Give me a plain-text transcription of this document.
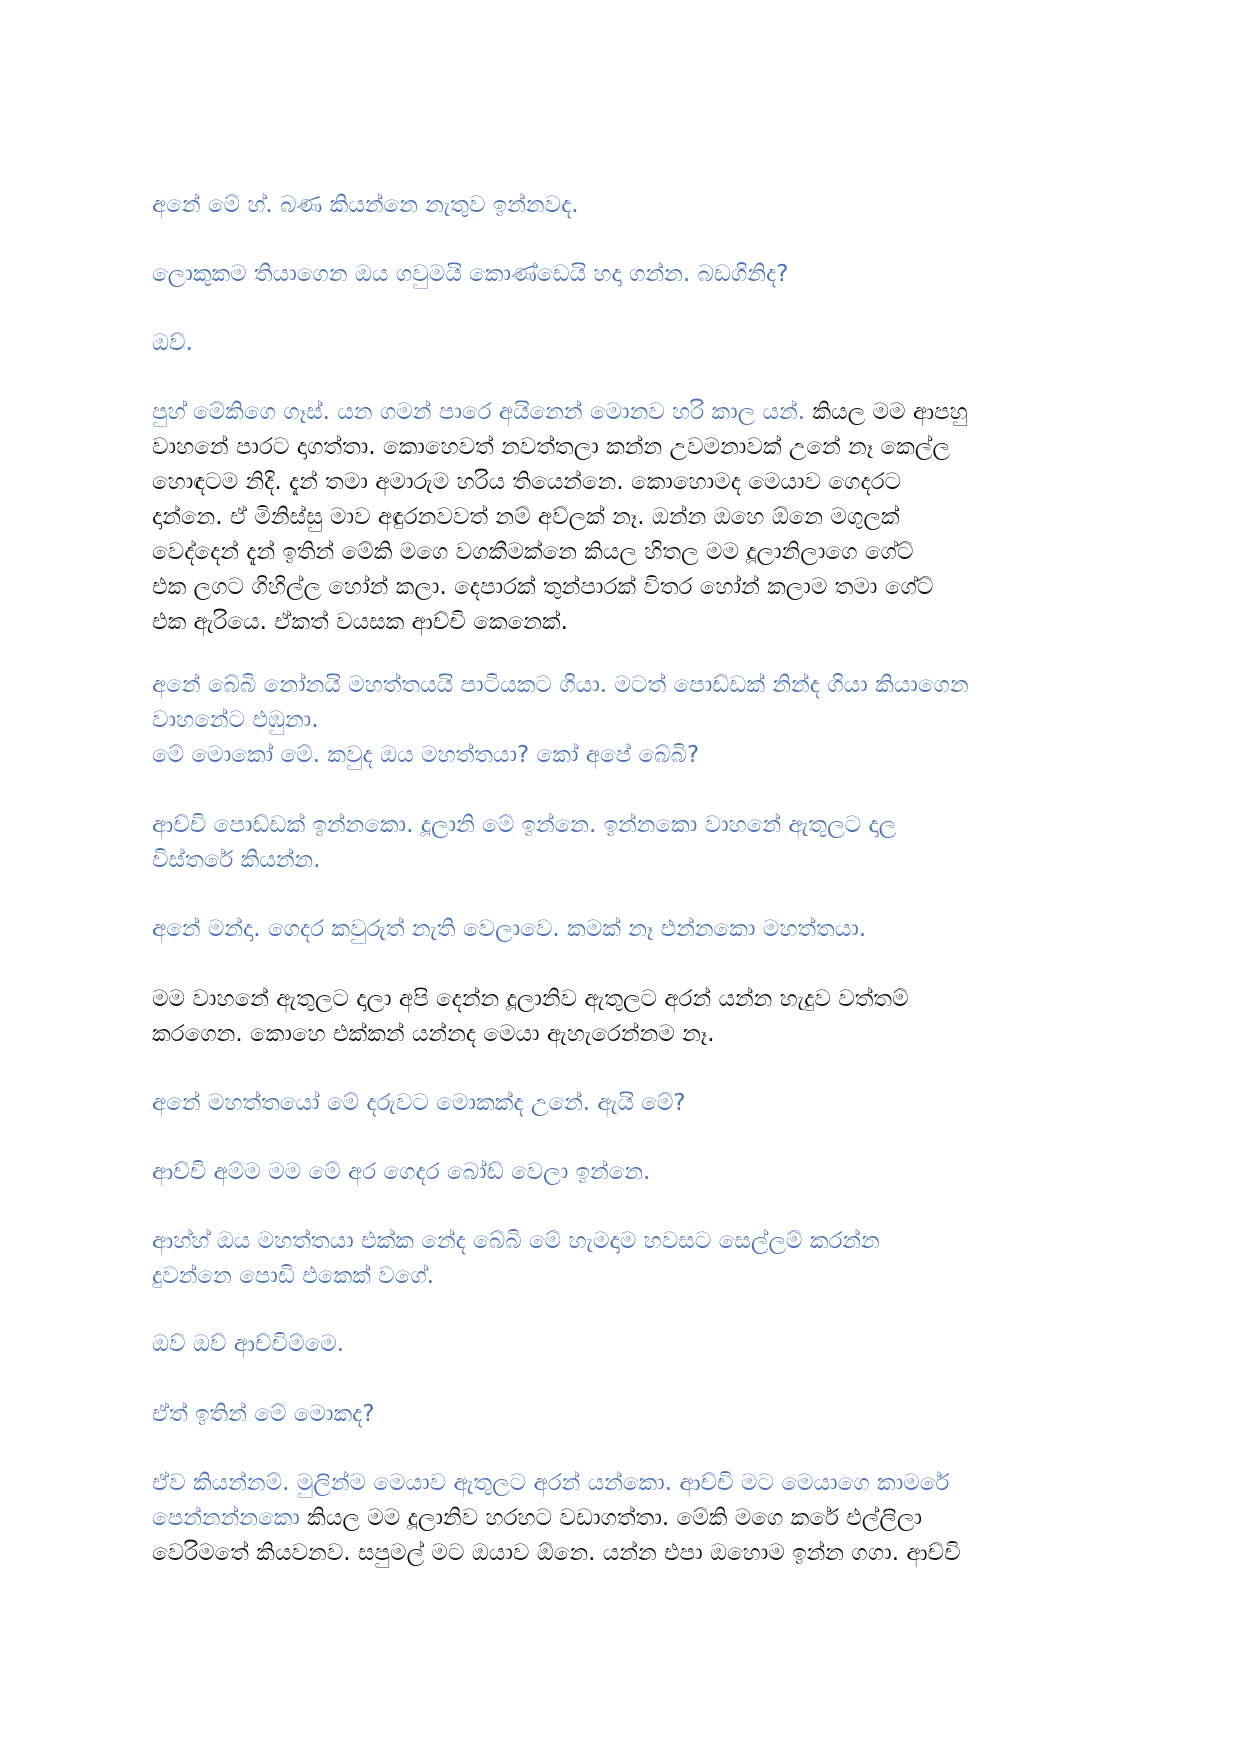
අනේ මේ හ්. බණ කියන්නෙ නැතුව ඉන්නවද.
ලොකුකම තියාගෙන ඔය ගවුමයි කොණ්ඩෙයි හදා ගන්න. බඩගිනිද?
ඔව්.
පුහ් මේකිගෙ ගෑස්. යන ගමන් පාරෙ අයිනෙන් මොනව හරි කාල යන්. කියල මම ආපහු
වාහනේ පාරට දාගත්තා. කොහෙවත් නවත්තලා කන්න උවමනාවක් උනේ නෑ කෙල්ල
හොඳටම නිදි. දැන් තමා අමාරුම හරිය තියෙන්නෙ. කොහොමද මෙයාව ගෙදරට
දාන්නෙ. ඒ මිනිස්සු මාව අඳුරනවවත් නම් අව්ලක් නෑ. ඔන්න ඔහෙ ඕනෙ මගුලක්
වෙද්දෙන් දැන් ඉතින් මේකි මගෙ වගකීමක්නෙ කියල හිතල මම දූලානිලාගෙ ගේට්
එක ලගට ගිහිල්ල හෝන් කලා. දෙපාරක් තුන්පාරක් විතර හෝන් කලාම තමා ගේට්
එක ඇරියෙ. ඒකත් වයසක ආච්චි කෙනෙක්.
අනේ බේබි නෝනයි මහත්තයයි පාටියකට ගියා. මටත් පොඩ්ඩක් නින්ද ගියා කියාගෙන
වාහනේට එඹුනා.
මේ මොකෝ මේ. කවුද ඔය මහත්තයා? කෝ අපේ බේබි?
ආච්චි පොඩ්ඩක් ඉන්නකො. දූලානි මේ ඉන්නෙ. ඉන්නකො වාහනේ ඇතුලට දාල
විස්තරේ කියන්න.
අනේ මන්දා. ගෙදර කවුරුත් නැති වෙලාවෙ. කමක් නෑ එන්නකො මහත්තයා.
මම වාහනේ ඇතුලට දාලා අපි දෙන්න දූලානිව ඇතුලට අරන් යන්න හැදුව වත්තම්
කරගෙන. කොහෙ එක්කන් යන්නද මෙයා ඇහැරෙන්නම නෑ.
අනේ මහත්තයෝ මේ දරුවට මොකක්ද උනේ. ඇයි මේ?
ආච්චි අම්ම මම මේ අර ගෙදර බෝඩ් වෙලා ඉන්නෙ.
ආහ්හ් ඔය මහත්තයා එක්ක නේද බේබි මේ හැමදාම හවසට සෙල්ලම් කරන්න
දුවන්නෙ පොඩි එකෙක් වගේ.
ඔව් ඔව් ආච්චිම්මෙ.
ඒත් ඉතින් මේ මොකද?
ඒව කියන්නම්. මුලින්ම මෙයාව ඇතුලට අරන් යන්කො. ආච්චි මට මෙයාගෙ කාමරේ
පෙන්නන්නකො කියල මම දූලානිව හරහට වඩාගත්තා. මේකි මගෙ කරේ එල්ලිලා
වෙරිමතේ කියවනව. සපුමල් මට ඔයාව ඕනෙ. යන්න එපා ඔහොම ඉන්න ගගා. ආච්චි
